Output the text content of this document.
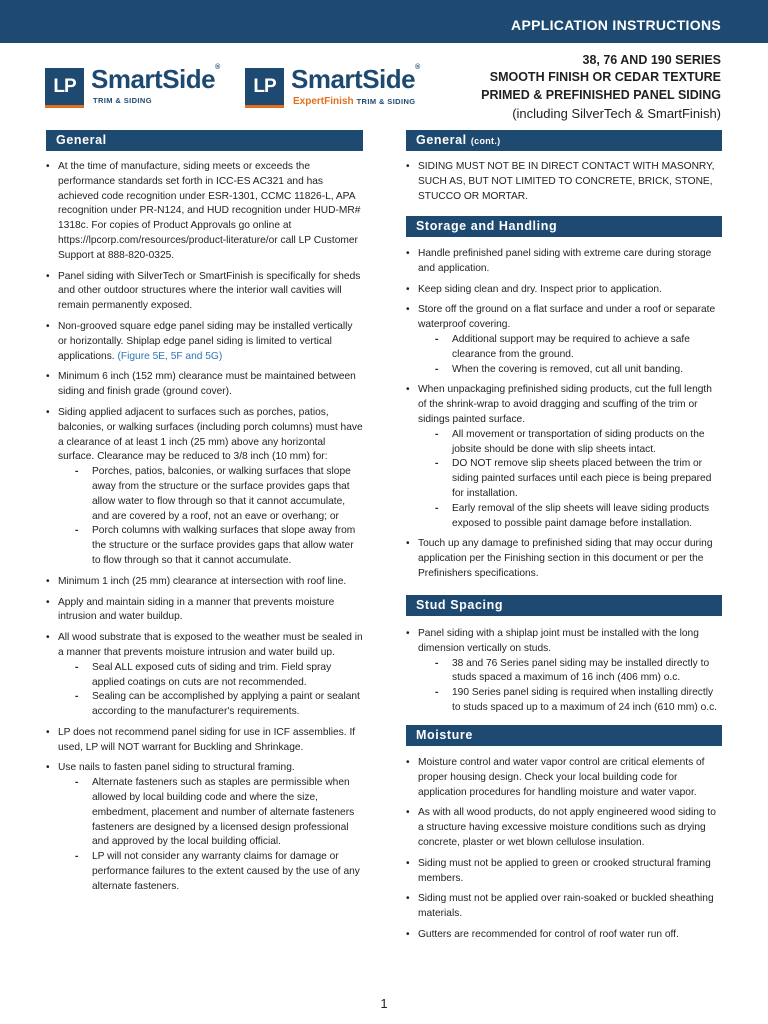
APPLICATION INSTRUCTIONS
LP SmartSide®
TRIM & SIDING
LP SmartSide®
ExpertFinish TRIM & SIDING
38, 76 AND 190 SERIES
SMOOTH FINISH OR CEDAR TEXTURE
PRIMED & PREFINISHED PANEL SIDING
(including SilverTech & SmartFinish)
General
• At the time of manufacture, siding meets or exceeds the performance standards set forth in ICC-ES AC321 and has achieved code recognition under ESR-1301, CCMC 11826-L, APA recognition under PR-N124, and HUD recognition under HUD-MR# 1318c. For copies of Product Approvals go online at https://lpcorp.com/resources/product-literature/or call LP Customer Support at 888-820-0325.
• Panel siding with SilverTech or SmartFinish is specifically for sheds and other outdoor structures where the interior wall cavities will remain permanently exposed.
• Non-grooved square edge panel siding may be installed vertically or horizontally. Shiplap edge panel siding is limited to vertical applications. (Figure 5E, 5F and 5G)
• Minimum 6 inch (152 mm) clearance must be maintained between siding and finish grade (ground cover).
• Siding applied adjacent to surfaces such as porches, patios, balconies, or walking surfaces (including porch columns) must have a clearance of at least 1 inch (25 mm) above any horizontal surface. Clearance may be reduced to 3/8 inch (10 mm) for:
- Porches, patios, balconies, or walking surfaces that slope away from the structure or the surface provides gaps that allow water to flow through so that it cannot accumulate, and are covered by a roof, not an eave or overhang; or
- Porch columns with walking surfaces that slope away from the structure or the surface provides gaps that allow water to flow through so that it cannot accumulate.
• Minimum 1 inch (25 mm) clearance at intersection with roof line.
• Apply and maintain siding in a manner that prevents moisture intrusion and water buildup.
• All wood substrate that is exposed to the weather must be sealed in a manner that prevents moisture intrusion and water build up.
- Seal ALL exposed cuts of siding and trim. Field spray applied coatings on cuts are not recommended.
- Sealing can be accomplished by applying a paint or sealant according to the manufacturer's requirements.
• LP does not recommend panel siding for use in ICF assemblies. If used, LP will NOT warrant for Buckling and Shrinkage.
• Use nails to fasten panel siding to structural framing.
- Alternate fasteners such as staples are permissible when allowed by local building code and where the size, embedment, placement and number of alternate fasteners fasteners are designed by a licensed design professional and approved by the local building official.
- LP will not consider any warranty claims for damage or performance failures to the extent caused by the use of any alternate fasteners.
General (cont.)
• SIDING MUST NOT BE IN DIRECT CONTACT WITH MASONRY, SUCH AS, BUT NOT LIMITED TO CONCRETE, BRICK, STONE, STUCCO OR MORTAR.
Storage and Handling
• Handle prefinished panel siding with extreme care during storage and application.
• Keep siding clean and dry. Inspect prior to application.
• Store off the ground on a flat surface and under a roof or separate waterproof covering.
- Additional support may be required to achieve a safe clearance from the ground.
- When the covering is removed, cut all unit banding.
• When unpackaging prefinished siding products, cut the full length of the shrink-wrap to avoid dragging and scuffing of the trim or sidings painted surface.
- All movement or transportation of siding products on the jobsite should be done with slip sheets intact.
- DO NOT remove slip sheets placed between the trim or siding painted surfaces until each piece is being prepared for installation.
- Early removal of the slip sheets will leave siding products exposed to possible paint damage before installation.
• Touch up any damage to prefinished siding that may occur during application per the Finishing section in this document or per the Prefinishers specifications.
Stud Spacing
• Panel siding with a shiplap joint must be installed with the long dimension vertically on studs.
- 38 and 76 Series panel siding may be installed directly to studs spaced a maximum of 16 inch (406 mm) o.c.
- 190 Series panel siding is required when installing directly to studs spaced up to a maximum of 24 inch (610 mm) o.c.
Moisture
• Moisture control and water vapor control are critical elements of proper housing design. Check your local building code for application procedures for handling moisture and water vapor.
• As with all wood products, do not apply engineered wood siding to a structure having excessive moisture conditions such as drying concrete, plaster or wet blown cellulose insulation.
• Siding must not be applied to green or crooked structural framing members.
• Siding must not be applied over rain-soaked or buckled sheathing materials.
• Gutters are recommended for control of roof water run off.
1
